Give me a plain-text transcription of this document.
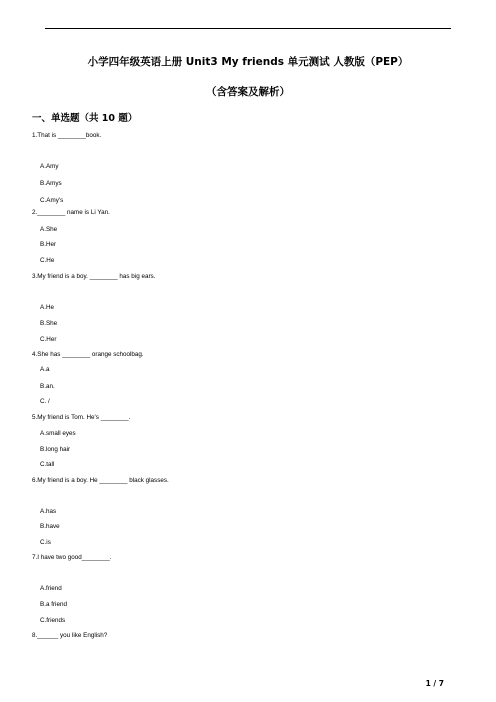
小学四年级英语上册 Unit3 My friends 单元测试 人教版（PEP）
（含答案及解析）
一、单选题（共 10 题）
1.That is ________book.
A.Amy
B.Amys
C.Amy's
2.________ name is Li Yan.
A.She
B.Her
C.He
3.My friend is a boy. ________ has big ears.
A.He
B.She
C.Her
4.She has ________ orange schoolbag.
A.a
B.an.
C. /
5.My friend is Tom. He's ________.
A.small eyes
B.long hair
C.tall
6.My friend is a boy. He ________ black glasses.
A.has
B.have
C.is
7.I have two good________.
A.friend
B.a friend
C.friends
8.______ you like English?
1 / 7
